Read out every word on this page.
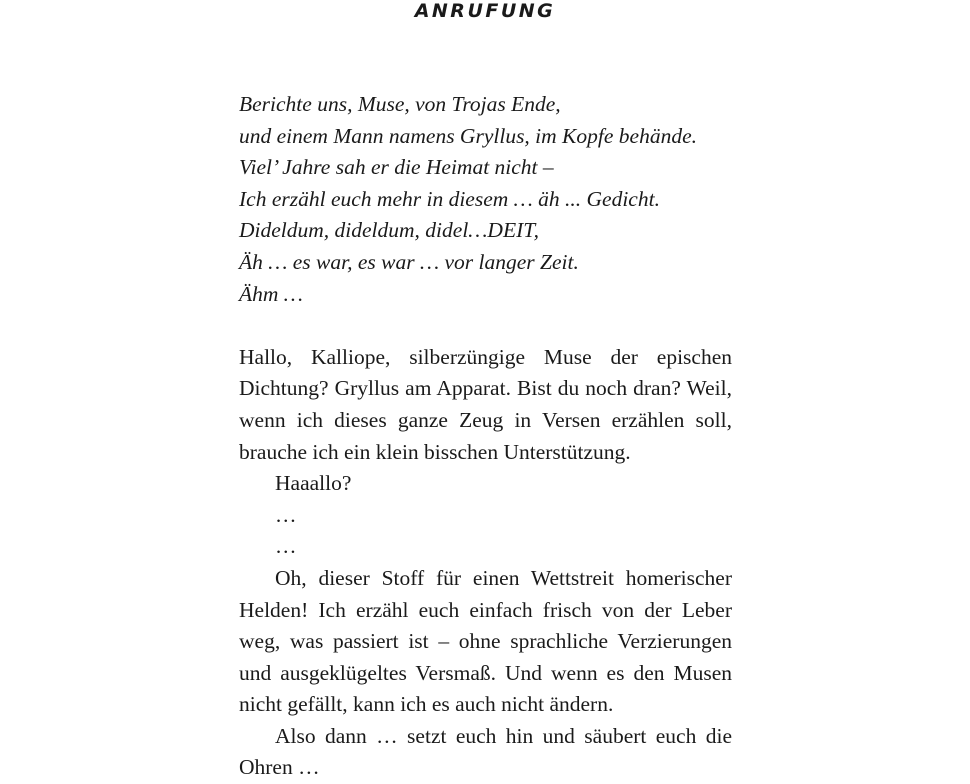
ANRUFUNG
Berichte uns, Muse, von Trojas Ende,
und einem Mann namens Gryllus, im Kopfe behände.
Viel’ Jahre sah er die Heimat nicht –
Ich erzähl euch mehr in diesem … äh ... Gedicht.
Dideldum, dideldum, didel…DEIT,
Äh … es war, es war … vor langer Zeit.
Ähm …

Hallo, Kalliope, silberzüngige Muse der epischen Dichtung? Gryllus am Apparat. Bist du noch dran? Weil, wenn ich dieses ganze Zeug in Versen erzählen soll, brauche ich ein klein bisschen Unterstützung.

Haaallo?
…
…

Oh, dieser Stoff für einen Wettstreit homerischer Helden! Ich erzähl euch einfach frisch von der Leber weg, was passiert ist – ohne sprachliche Verzierungen und ausgeklügeltes Versmaß. Und wenn es den Musen nicht gefällt, kann ich es auch nicht ändern.

Also dann … setzt euch hin und säubert euch die Ohren …
